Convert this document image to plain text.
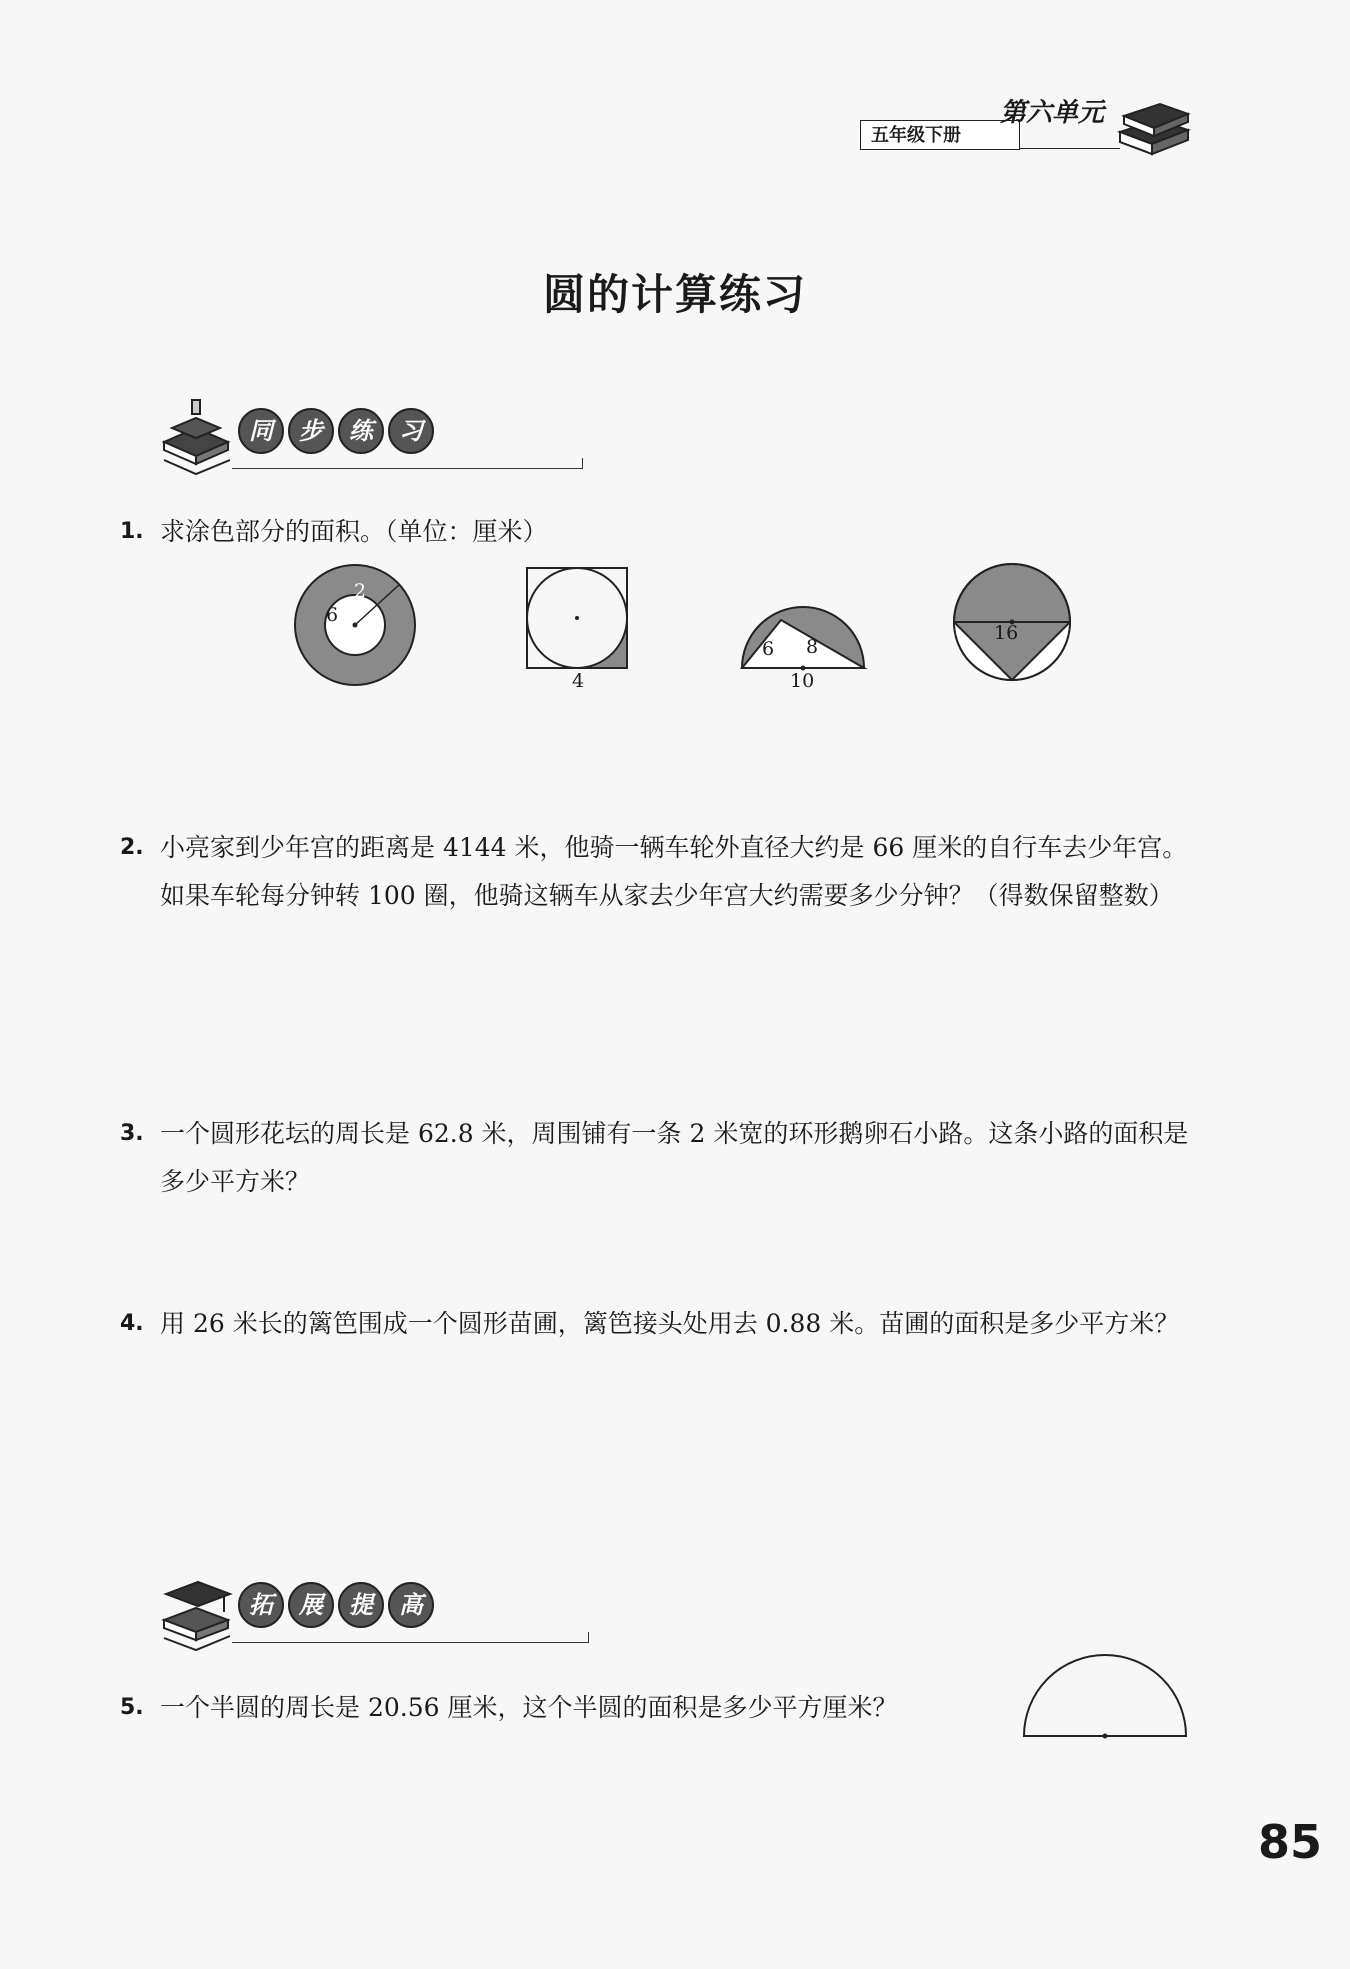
五年级下册
第六单元
圆的计算练习
同	步	练	习
1. 求涂色部分的面积。（单位：厘米）
6
2
4
6 8
10
16
2. 小亮家到少年宫的距离是 4144 米，他骑一辆车轮外直径大约是 66 厘米的自行车去少年宫。如果车轮每分钟转 100 圈，他骑这辆车从家去少年宫大约需要多少分钟？（得数保留整数）
3. 一个圆形花坛的周长是 62.8 米，周围铺有一条 2 米宽的环形鹅卵石小路。这条小路的面积是多少平方米？
4. 用 26 米长的篱笆围成一个圆形苗圃，篱笆接头处用去 0.88 米。苗圃的面积是多少平方米？
拓	展	提	高
5. 一个半圆的周长是 20.56 厘米，这个半圆的面积是多少平方厘米？
85
